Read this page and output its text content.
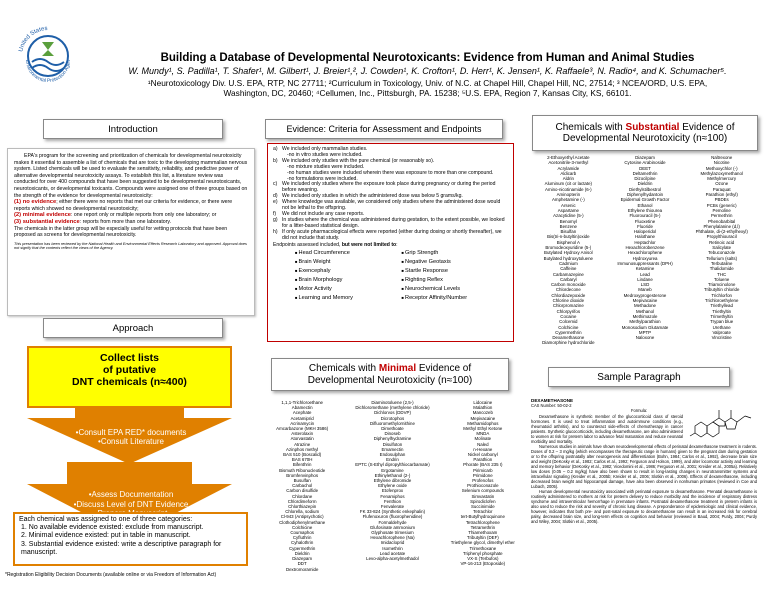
United States
Environmental Protection Agen	Building a Database of Developmental Neurotoxicants: Evidence from Human and Animal Studies
W. Mundy¹, S. Padilla¹, T. Shafer¹, M. Gilbert¹, J. Breier¹,², J. Cowden¹, K. Crofton¹, D. Herr¹, K. Jensen¹, K. Raffaele³, N. Radio⁴, and K. Schumacher⁵.
¹Neurotoxicology Div. U.S. EPA, RTP, NC 27711; ²Curriculum in Toxicology, Univ. of N.C. at Chapel Hill, Chapel Hill, NC, 27514; ³ NCEA/ORD, U.S. EPA,
Washington, DC, 20460; ⁴Cellumen, Inc., Pittsburgh, PA. 15238; ⁵U.S. EPA, Region 7, Kansas City, KS, 66101.
Introduction

EPA's program for the screening and prioritization of chemicals for developmental neurotoxicity makes it essential to assemble a list of chemicals that are toxic to the developing mammalian nervous system. Listed chemicals will be used to evaluate the sensitivity, reliability, and predictive power of alternative developmental neurotoxicity assays. To establish this list, a literature review was conducted for over 400 compounds that have been suggested to be developmental neurotoxicants, neurotoxicants, or developmental toxicants. Compounds were assigned one of three groups based on the strength of the evidence for developmental neurotoxicity:

(1) no evidence; either there were no reports that met our criteria for evidence, or there were reports which showed no developmental neurotoxicity;
(2) minimal evidence: one report only or multiple reports from only one laboratory; or
(3) substantial evidence: reports from more than one laboratory.
The chemicals in the latter group will be especially useful for vetting protocols that have been proposed as screens for developmental neurotoxicity.
This presentation has been reviewed by the National Health and Environmental Effects Research Laboratory and approved. Approval does not signify that the contents reflect the views of the Agency.
Approach
Collect lists
of putative
DNT chemicals (n≈400)
•Consult EPA RED* documents
•Consult Literature
•Assess Documentation
•Discuss Level of DNT Evidence
Each chemical was assigned to one of three categories:
1. No available evidence existed: exclude from manuscript.
2. Minimal evidence existed: put in table in manuscript.
3. Substantial evidence existed: write a descriptive paragraph for manuscript.
*Registration Eligibility Decision Documents (available online or via Freedom of Information Act)
Evidence: Criteria for Assessment and Endpoints
a) We included only mammalian studies.
-no in vitro studies were included.
b) We included only studies with the pure chemical (or reasonably so).
-no mixture studies were included.
-no human studies were included wherein there was exposure to more than one compound.
-no formulations were included.
c) We included only studies where the exposure took place during pregnancy or during the period before weaning.
d) We included only studies in which the administered dose was below 5 grams/kg.
e) Where knowledge was available, we considered only studies where the administered dose would not be lethal to the offspring.
f)	We did not include any case reports.
g) In studies where the chemical was administered during gestation, to the extent possible, we looked for a litter-based statistical design.
h) If only acute pharmacological effects were reported (either during dosing or shortly thereafter), we did not include that study.
Endpoints assessed included, but were not limited to:
■ Head Circumference	■ Grip Strength
■ Brain Weight	■ Negative Geotaxis
■ Exencephaly	■ Startle Response
■ Brain Morphology	■ Righting Reflex
■ Motor Activity	■ Neurochemical Levels
■ Learning and Memory	■ Receptor Affinity/Number
Chemicals with Minimal Evidence of
Developmental Neurotoxicity (n≈100)
1,1,1-Trichloroethane
Abamectin
Acephate
Acetamiprid
Acrinamycin
Amcarbazone (MKH 3586)
Asterolaxin
Atorvastatin
Atrazine
Azinphos methyl
BAS 510 (Boscalid)
BAS 670H
Bifenthrin
Bismuth Ribonucleotide
Bromfenvinphos
Busulfan
Carbachol
Carbon disulfide
Chlordane
Chlordimeform
Chlorthiazepin
Chlorella, sodium
Cl-943 (Antipsychotic)
Clothodiphenylmethane
Colchicine
Coumaphos
Cyfluthrin
Cyhalothrin
Cypermethrin
Dieldrin
Diazepam
DDT
Dextromoramide
Diaminotoluene (2,5-)
Dichloromethane (methylene chloride)
Dichlorvos (DDVP)
Dicrotophos
Difluoromethylornithine
Dimethoate
Dinoseb
Diphenylhydramine
Disulfoton
Emamectin
Endosulphan
Endrin
EPTC (S-Ethyl dipropylthiocarbamate)
Ergotamine
Ethinylethanol (2-)
Ethylene dibromide
Ethylene oxide
Etofenprox
Fenamiphos
Fenthion
Fenvalerate
FK 33-824 (Synthetic enkephalin)
Flufenoxuron (fluorophenidine)
Formaldehyde
Glufosinate ammonium
Glyphosate trimesium
Hexachlorophene (Na)
Imidacloprid
Isomethrin
Lead acetate
Levo-alpha-acetylmethadol
Lidocaine
Malathion
Mancozeb
Mepivacaine
Methamidophos
Methyl Ethyl Ketone
MNDA
Molinate
Naled
n-Hexane
Nickel carbonyl
Parathion
Phorate (BAS 235 I)
Pirimicarb
Primidone
Profenofos
Prothioconazole
Selenium compounds
Simvastatin
Spirodiclofen
Succinimide
Tetrachlor
tert-Butylhydroquinone
Tetrachlorophene
Tetramethrin
Thiamethoxam
Tributyltin (DEF)
Triethylene glycol, dimethyl ether
Trimethoxane
Triphenyl phosphate
VX-S (Terbufos)
VP-16-213 (Etoposide)
Chemicals with Substantial Evidence of
Developmental Neurotoxicity (n≈100)
2-Ethoxyethyl Acetate
Acetonitrile-3-methyl
Acrylamide
Aldicarb
Aldrin
Aluminum (cit or lactate)
Amino-nicotinamide (6-)
Aminopterin
Amphetamine (-)
Arsenic
Aspartame
Azacytidine (5-)
Benomyl
Benzene
Bisulfan
Bis(tri-n-butyltin)oxide
Bisphenol A
Bromodeoxyuridine (5-)
Butylated Hydroxy Anisol
Butylated hydroxytoluene
Cadmium
Caffeine
Carbamazepine
Carbaryl
Carbon monoxide
Chlordecone
Chlordiazepoxide
Chlorine dioxide
Chlorpromazine
Chlorpyrifos
Cocaine
Colcemid
Colchicine
Cypermethrin
Dexamethasone
Diamorphine hydrochloride
Diazepam
Cytosine Arabinoside
DEET
Deltamethrin
Dizocilpine
Dieldrin
Diethylstilbestrol
Diphenylhydantoin
Epidermal Growth Factor
Ethanol
Ethylene thiourea
Fluorouracil (5-)
Fluoxetine
Fluoride
Haloperidol
Halothane
Heptachlor
Hexachlorobenzene
Hexachlorophene
Hydroxyurea
Immunosuppressants (DPH)
Ketamine
Lead
Lindane
LSD
Maneb
Medroxyprogesterone
Mepivacaine
Methadone
Methanol
Methimazole
Methylparathion
Monosodium Glutamate
MPTP
Naloxone
Naltrexone
Nicotine
Methoxychlor (-)
Methylazoxymethanol
Methylmercury
Ozone
Paraquat
Parathion (ethyl)
PBDEs
PCBs (generic)
Pemoline
Permethrin
Phenobarbital
Phenylalanine (d,l)
Phthalate, di-(2-ethylhexyl)
Propylthiouracil
Retinoic acid
Salicylate
Tebuconazole
Tellurium (salts)
Terbutaline
Thalidomide
THC
Toluene
Triamcinolone
Tributyltin chloride
Trichlorfon
Trichloroethylene
Triethyllead
Triethyltin
Trimethyltin
Trypan blue
Urethane
Valproate
Vincristine
Sample Paragraph
Formula:
DEXAMETHASONE
CAS Number: 50-02-2

Dexamethasone is synthetic member of the glucocorticoid class of steroid hormones. It is used to treat inflammation and autoimmune conditions (e.g., rheumatoid arthritis), and to counteract side-effects of chemotherapy in cancer patients. Synthetic glucocorticoids, including dexamethasone, are also administered to women at risk for preterm labor to advance fetal maturation and reduce neonatal morbidity and mortality.

Numerous studies in animals have shown neurodevelopmental effects of perinatal dexamethasone treatment in rodents. Doses of 0.2 – 3 mg/kg (which encompasses the therapeutic range in humans) given to the pregnant dam during gestation or to the offspring postnatally alter neurogenesis and differentiation (Bohn, 1984; Carlos et al., 1992), decrease brain size and weight (DeKosky et al., 1982; Carlos et al., 1992; Ferguson and Holson, 1999), and alter locomotor activity and learning and memory behavior (DeKosky et al., 1982; Vicedomini et al., 1986; Ferguson et al., 2001; Kreider et al., 2005a). Relatively low doses (0.05 – 0.2 mg/kg) have also been shown to result in long-lasting changes in neurotransmitter systems and intracellular signaling (Kreider et al., 2005b; Kreider et al., 2006; Slotkin et al., 2006). Effects of dexamethasone, including decreased brain weight and hippocampal damage, have also been observed in nonhuman primates (reviewed in Coe and Lubach, 2005).

Human developmental neurotoxicity associated with perinatal exposure to dexamethasone. Prenatal dexamethasone is routinely administered to mothers at risk for preterm delivery to reduce morbidity and the incidence of respiratory distress syndrome and intraventricular hemorrhage in premature infants. Postnatal dexamethasone treatment in preterm infants is also used to reduce the risk and severity of chronic lung disease. A preponderance of epidemiologic and clinical evidence, however, indicates that both pre- and post-natal exposure to dexamethasone can result in an increased risk for cerebral palsy, decreased brain size, and long-term effects on cognition and behavior (reviewed in Baud, 2004; Purdy, 2004; Purdy and Wiley, 2004; Slotkin et al., 2005).
